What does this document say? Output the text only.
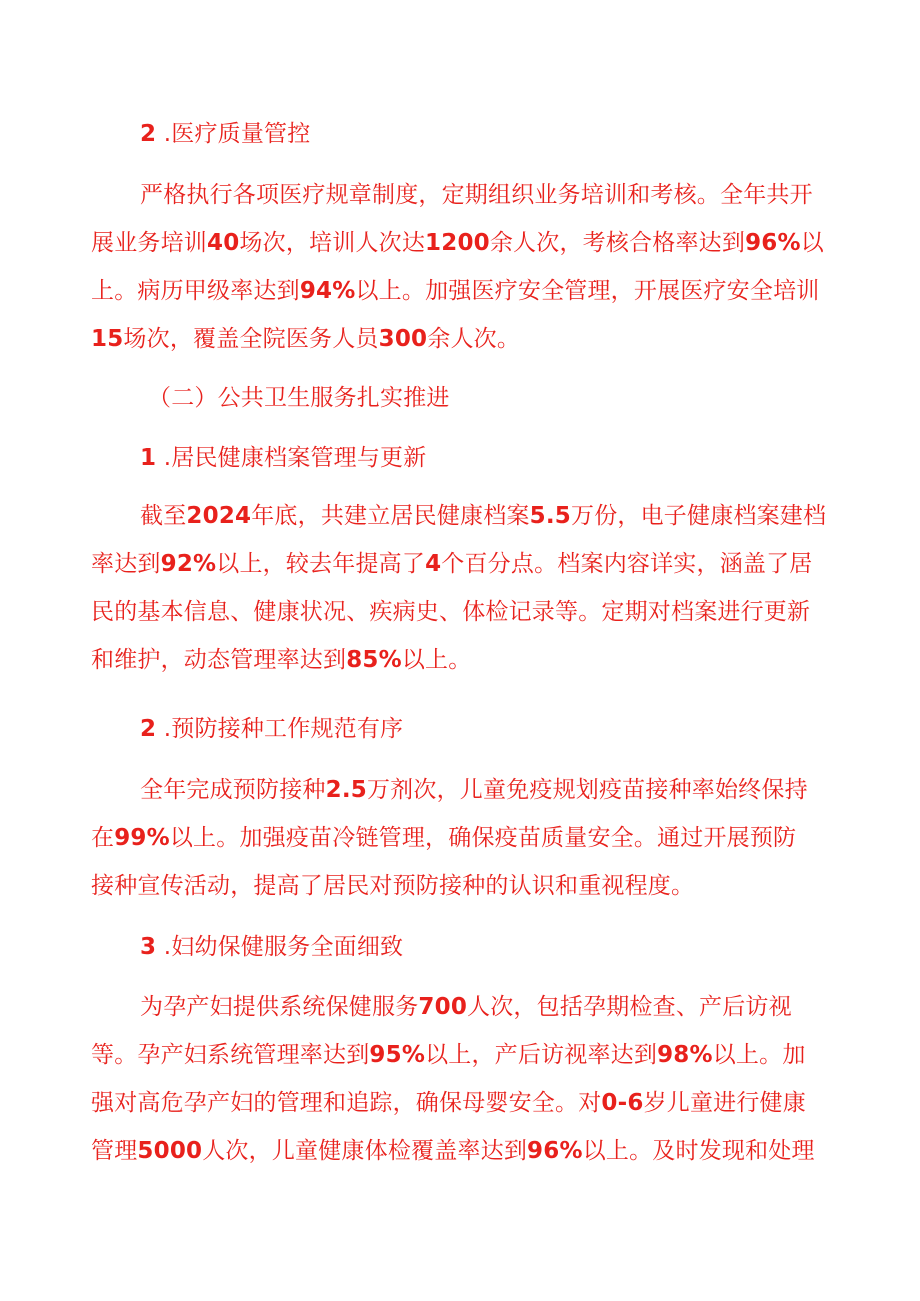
2 .医疗质量管控
严格执行各项医疗规章制度，定期组织业务培训和考核。全年共开
展业务培训40场次，培训人次达1200余人次，考核合格率达到96%以
上。病历甲级率达到94%以上。加强医疗安全管理，开展医疗安全培训
15场次，覆盖全院医务人员300余人次。
（二）公共卫生服务扎实推进
1 .居民健康档案管理与更新
截至2024年底，共建立居民健康档案5.5万份，电子健康档案建档
率达到92%以上，较去年提高了4个百分点。档案内容详实，涵盖了居
民的基本信息、健康状况、疾病史、体检记录等。定期对档案进行更新
和维护，动态管理率达到85%以上。
2 .预防接种工作规范有序
全年完成预防接种2.5万剂次，儿童免疫规划疫苗接种率始终保持
在99%以上。加强疫苗冷链管理，确保疫苗质量安全。通过开展预防
接种宣传活动，提高了居民对预防接种的认识和重视程度。
3 .妇幼保健服务全面细致
为孕产妇提供系统保健服务700人次，包括孕期检查、产后访视
等。孕产妇系统管理率达到95%以上，产后访视率达到98%以上。加
强对高危孕产妇的管理和追踪，确保母婴安全。对0-6岁儿童进行健康
管理5000人次，儿童健康体检覆盖率达到96%以上。及时发现和处理
